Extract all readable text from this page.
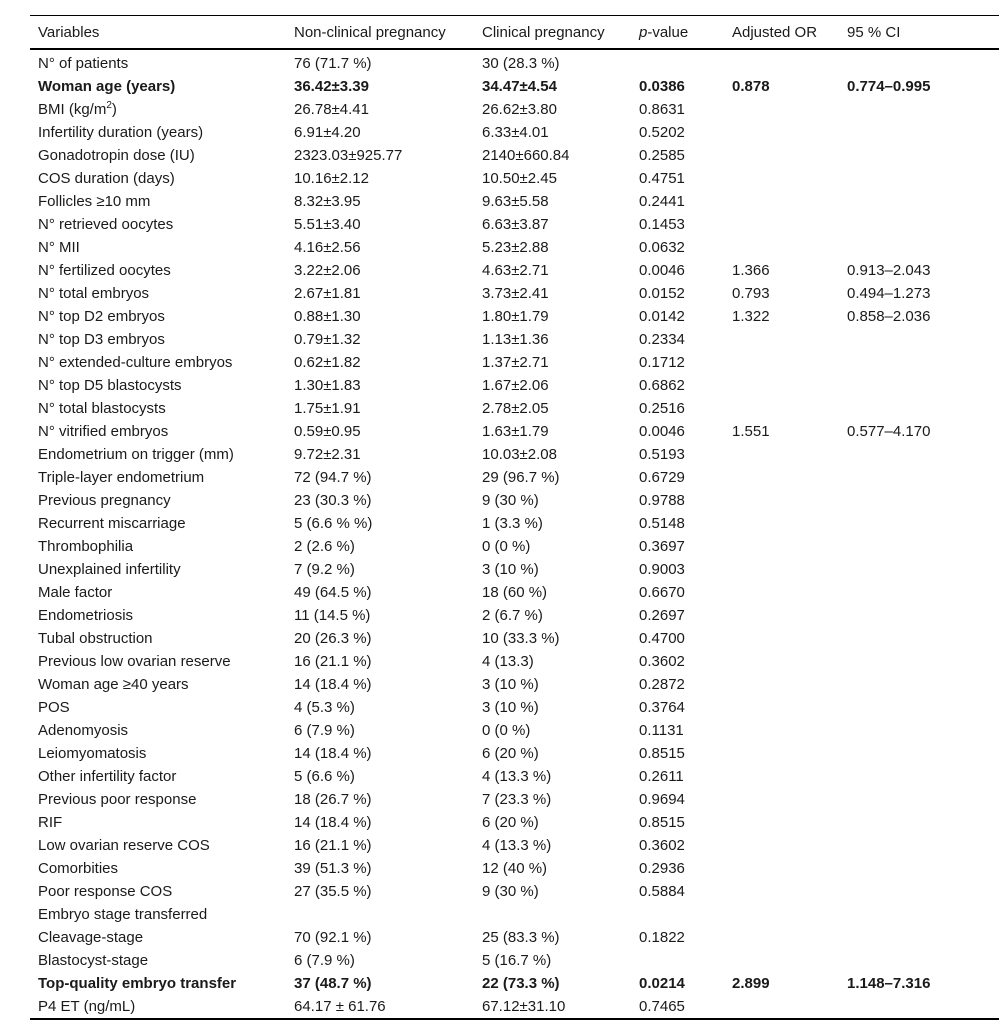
Variables	Non-clinical pregnancy	Clinical pregnancy	p-value	Adjusted OR	95 % CI
N° of patients	76 (71.7 %)	30 (28.3 %)			
Woman age (years)	36.42±3.39	34.47±4.54	0.0386	0.878	0.774–0.995
BMI $(kg/m^2)$	26.78±4.41	26.62±3.80	0.8631		
Infertility duration (years)	6.91±4.20	6.33±4.01	0.5202		
Gonadotropin dose (IU)	2323.03±925.77	2140±660.84	0.2585		
COS duration (days)	10.16±2.12	10.50±2.45	0.4751		
Follicles ≥10 mm	8.32±3.95	9.63±5.58	0.2441		
N° retrieved oocytes	5.51±3.40	6.63±3.87	0.1453		
N° MII	4.16±2.56	5.23±2.88	0.0632		
N° fertilized oocytes	3.22±2.06	4.63±2.71	0.0046	1.366	0.913–2.043
N° total embryos	2.67±1.81	3.73±2.41	0.0152	0.793	0.494–1.273
N° top D2 embryos	0.88±1.30	1.80±1.79	0.0142	1.322	0.858–2.036
N° top D3 embryos	0.79±1.32	1.13±1.36	0.2334		
N° extended-culture embryos	0.62±1.82	1.37±2.71	0.1712		
N° top D5 blastocysts	1.30±1.83	1.67±2.06	0.6862		
N° total blastocysts	1.75±1.91	2.78±2.05	0.2516		
N° vitrified embryos	0.59±0.95	1.63±1.79	0.0046	1.551	0.577–4.170
Endometrium on trigger (mm)	9.72±2.31	10.03±2.08	0.5193		
Triple-layer endometrium	72 (94.7 %)	29 (96.7 %)	0.6729		
Previous pregnancy	23 (30.3 %)	9 (30 %)	0.9788		
Recurrent miscarriage	5 (6.6 % %)	1 (3.3 %)	0.5148		
Thrombophilia	2 (2.6 %)	0 (0 %)	0.3697		
Unexplained infertility	7 (9.2 %)	3 (10 %)	0.9003		
Male factor	49 (64.5 %)	18 (60 %)	0.6670		
Endometriosis	11 (14.5 %)	2 (6.7 %)	0.2697		
Tubal obstruction	20 (26.3 %)	10 (33.3 %)	0.4700		
Previous low ovarian reserve	16 (21.1 %)	4 (13.3)	0.3602		
Woman age ≥40 years	14 (18.4 %)	3 (10 %)	0.2872		
POS	4 (5.3 %)	3 (10 %)	0.3764		
Adenomyosis	6 (7.9 %)	0 (0 %)	0.1131		
Leiomyomatosis	14 (18.4 %)	6 (20 %)	0.8515		
Other infertility factor	5 (6.6 %)	4 (13.3 %)	0.2611		
Previous poor response	18 (26.7 %)	7 (23.3 %)	0.9694		
RIF	14 (18.4 %)	6 (20 %)	0.8515		
Low ovarian reserve COS	16 (21.1 %)	4 (13.3 %)	0.3602		
Comorbities	39 (51.3 %)	12 (40 %)	0.2936		
Poor response COS	27 (35.5 %)	9 (30 %)	0.5884		
Embryo stage transferred					
Cleavage-stage	70 (92.1 %)	25 (83.3 %)	0.1822		
Blastocyst-stage	6 (7.9 %)	5 (16.7 %)			
Top-quality embryo transfer	37 (48.7 %)	22 (73.3 %)	0.0214	2.899	1.148–7.316
P4 ET (ng/mL)	64.17 ± 61.76	67.12±31.10	0.7465		
